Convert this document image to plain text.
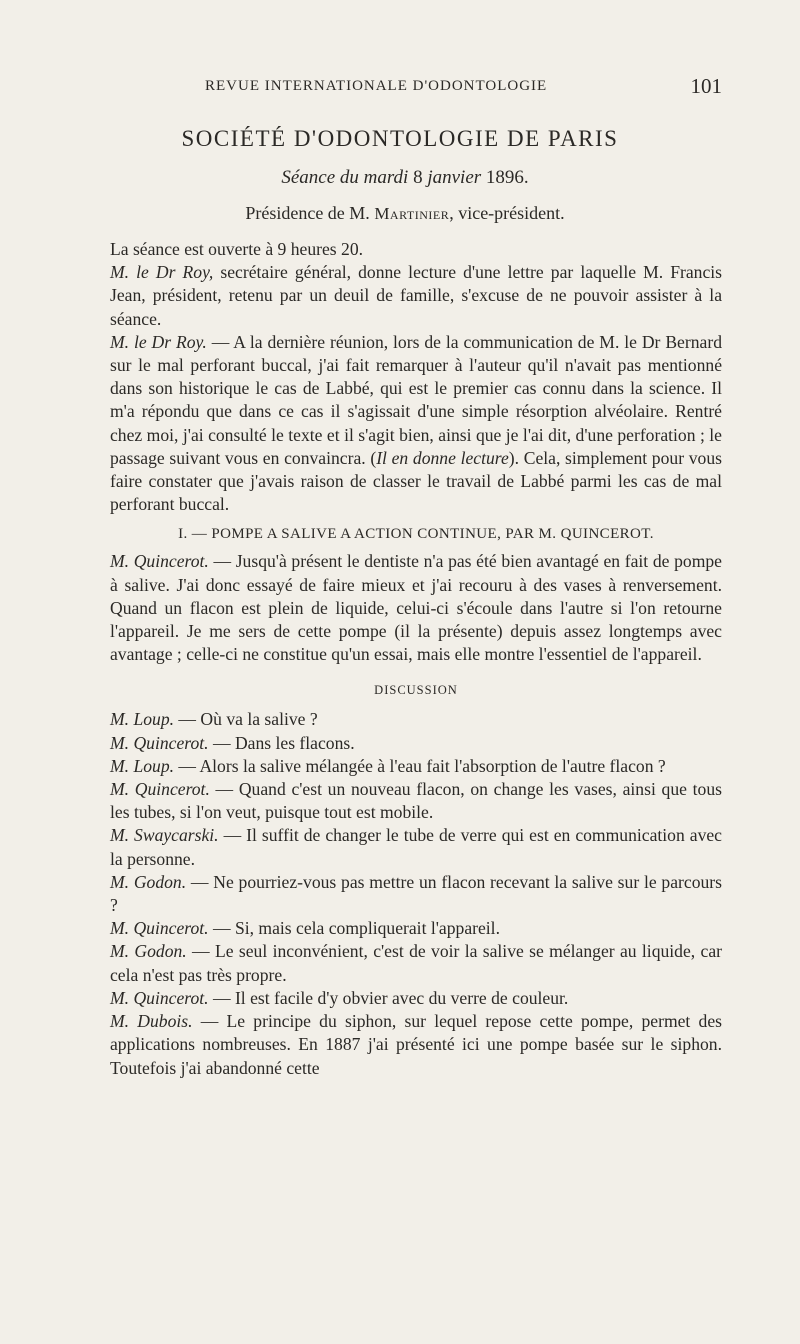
REVUE INTERNATIONALE D'ODONTOLOGIE	101
SOCIÉTÉ D'ODONTOLOGIE DE PARIS
Séance du mardi 8 janvier 1896.
Présidence de M. Martinier, vice-président.

La séance est ouverte à 9 heures 20.

M. le Dr Roy, secrétaire général, donne lecture d'une lettre par laquelle M. Francis Jean, président, retenu par un deuil de famille, s'excuse de ne pouvoir assister à la séance.

M. le Dr Roy. — A la dernière réunion, lors de la communication de M. le Dr Bernard sur le mal perforant buccal, j'ai fait remarquer à l'auteur qu'il n'avait pas mentionné dans son historique le cas de Labbé, qui est le premier cas connu dans la science. Il m'a répondu que dans ce cas il s'agissait d'une simple résorption alvéolaire. Rentré chez moi, j'ai consulté le texte et il s'agit bien, ainsi que je l'ai dit, d'une perforation ; le passage suivant vous en convaincra. (Il en donne lecture). Cela, simplement pour vous faire constater que j'avais raison de classer le travail de Labbé parmi les cas de mal perforant buccal.

I. — POMPE A SALIVE A ACTION CONTINUE, PAR M. QUINCEROT.

M. Quincerot. — Jusqu'à présent le dentiste n'a pas été bien avantagé en fait de pompe à salive. J'ai donc essayé de faire mieux et j'ai recouru à des vases à renversement. Quand un flacon est plein de liquide, celui-ci s'écoule dans l'autre si l'on retourne l'appareil. Je me sers de cette pompe (il la présente) depuis assez longtemps avec avantage ; celle-ci ne constitue qu'un essai, mais elle montre l'essentiel de l'appareil.

DISCUSSION

M. Loup. — Où va la salive ?

M. Quincerot. — Dans les flacons.

M. Loup. — Alors la salive mélangée à l'eau fait l'absorption de l'autre flacon ?

M. Quincerot. — Quand c'est un nouveau flacon, on change les vases, ainsi que tous les tubes, si l'on veut, puisque tout est mobile.

M. Swaycarski. — Il suffit de changer le tube de verre qui est en communication avec la personne.

M. Godon. — Ne pourriez-vous pas mettre un flacon recevant la salive sur le parcours ?

M. Quincerot. — Si, mais cela compliquerait l'appareil.

M. Godon. — Le seul inconvénient, c'est de voir la salive se mélanger au liquide, car cela n'est pas très propre.

M. Quincerot. — Il est facile d'y obvier avec du verre de couleur.

M. Dubois. — Le principe du siphon, sur lequel repose cette pompe, permet des applications nombreuses. En 1887 j'ai présenté ici une pompe basée sur le siphon. Toutefois j'ai abandonné cette
